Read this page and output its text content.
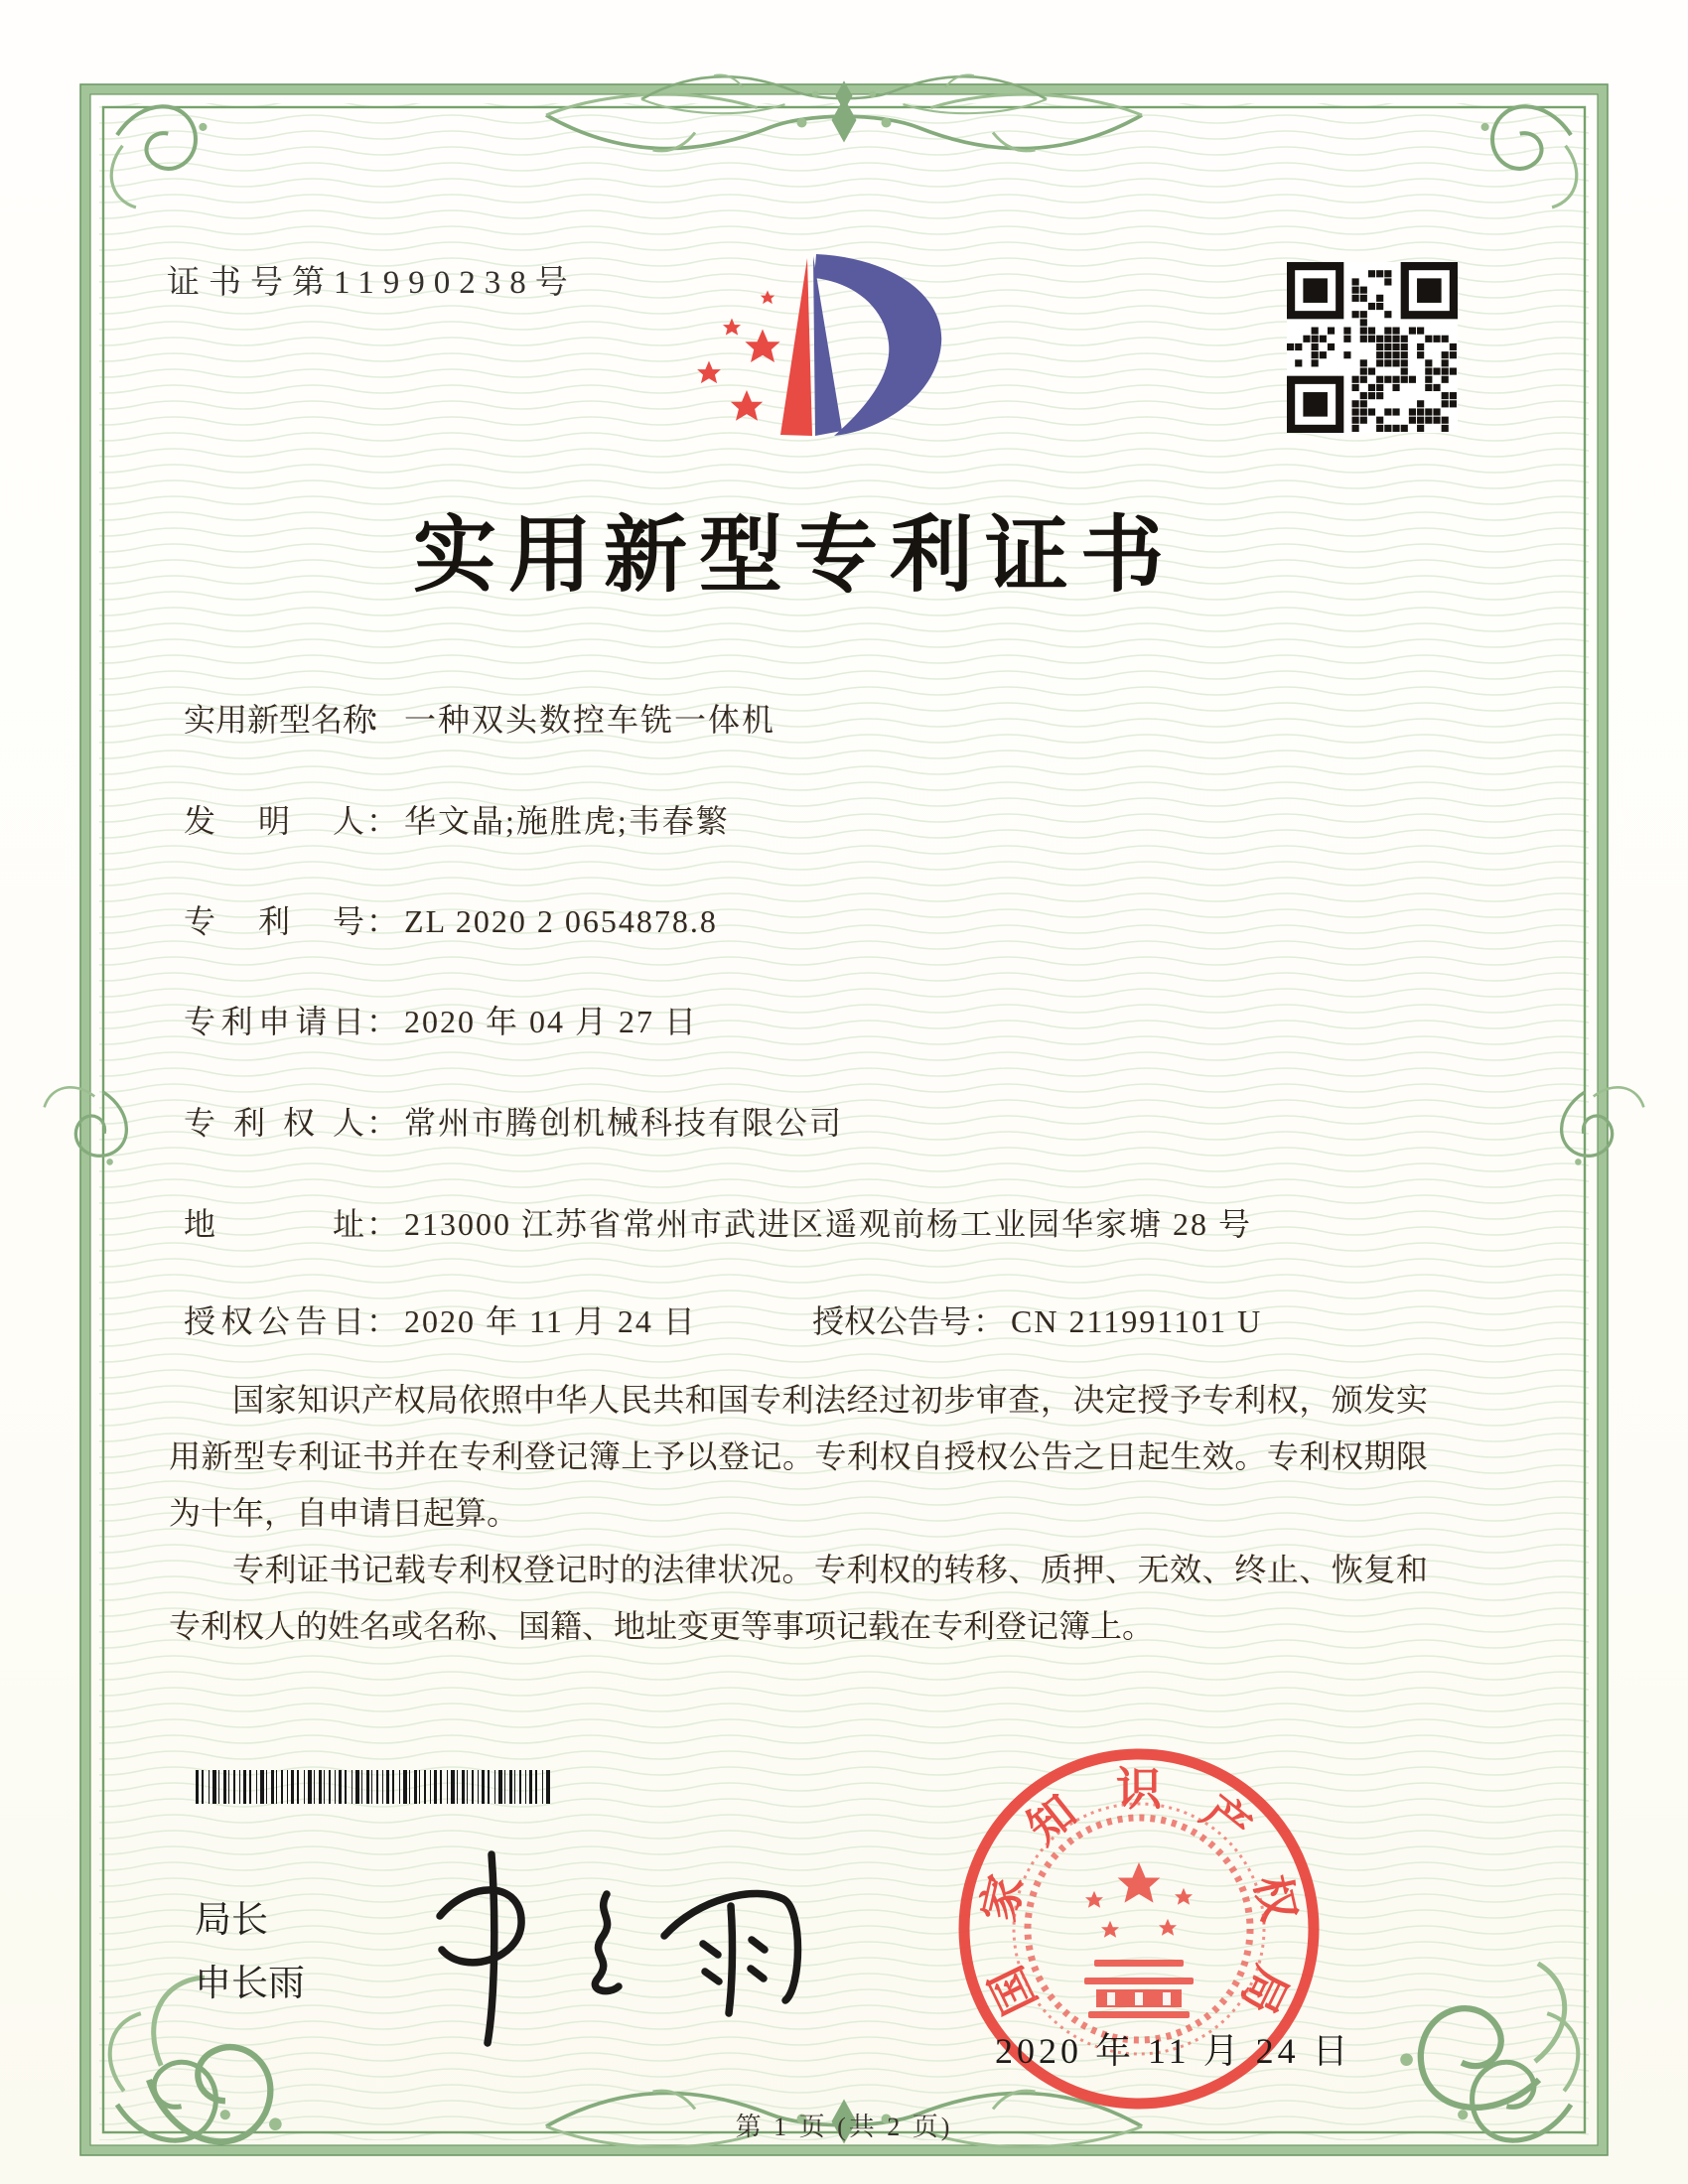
证书号第11990238号
实用新型专利证书
实用新型名称： 一种双头数控车铣一体机
发明人： 华文晶;施胜虎;韦春繁
专利号： ZL 2020 2 0654878.8
专利申请日： 2020 年 04 月 27 日
专利权人： 常州市腾创机械科技有限公司
地址： 213000 江苏省常州市武进区遥观前杨工业园华家塘 28 号
授权公告日： 2020 年 11 月 24 日	授权公告号： CN 211991101 U

国家知识产权局依照中华人民共和国专利法经过初步审查，决定授予专利权，颁发实用新型专利证书并在专利登记簿上予以登记。专利权自授权公告之日起生效。专利权期限为十年，自申请日起算。

专利证书记载专利权登记时的法律状况。专利权的转移、质押、无效、终止、恢复和专利权人的姓名或名称、国籍、地址变更等事项记载在专利登记簿上。

局长
申长雨	国
家
知 识 产
权
局
2020 年 11 月 24 日
第 1 页 (共 2 页)
